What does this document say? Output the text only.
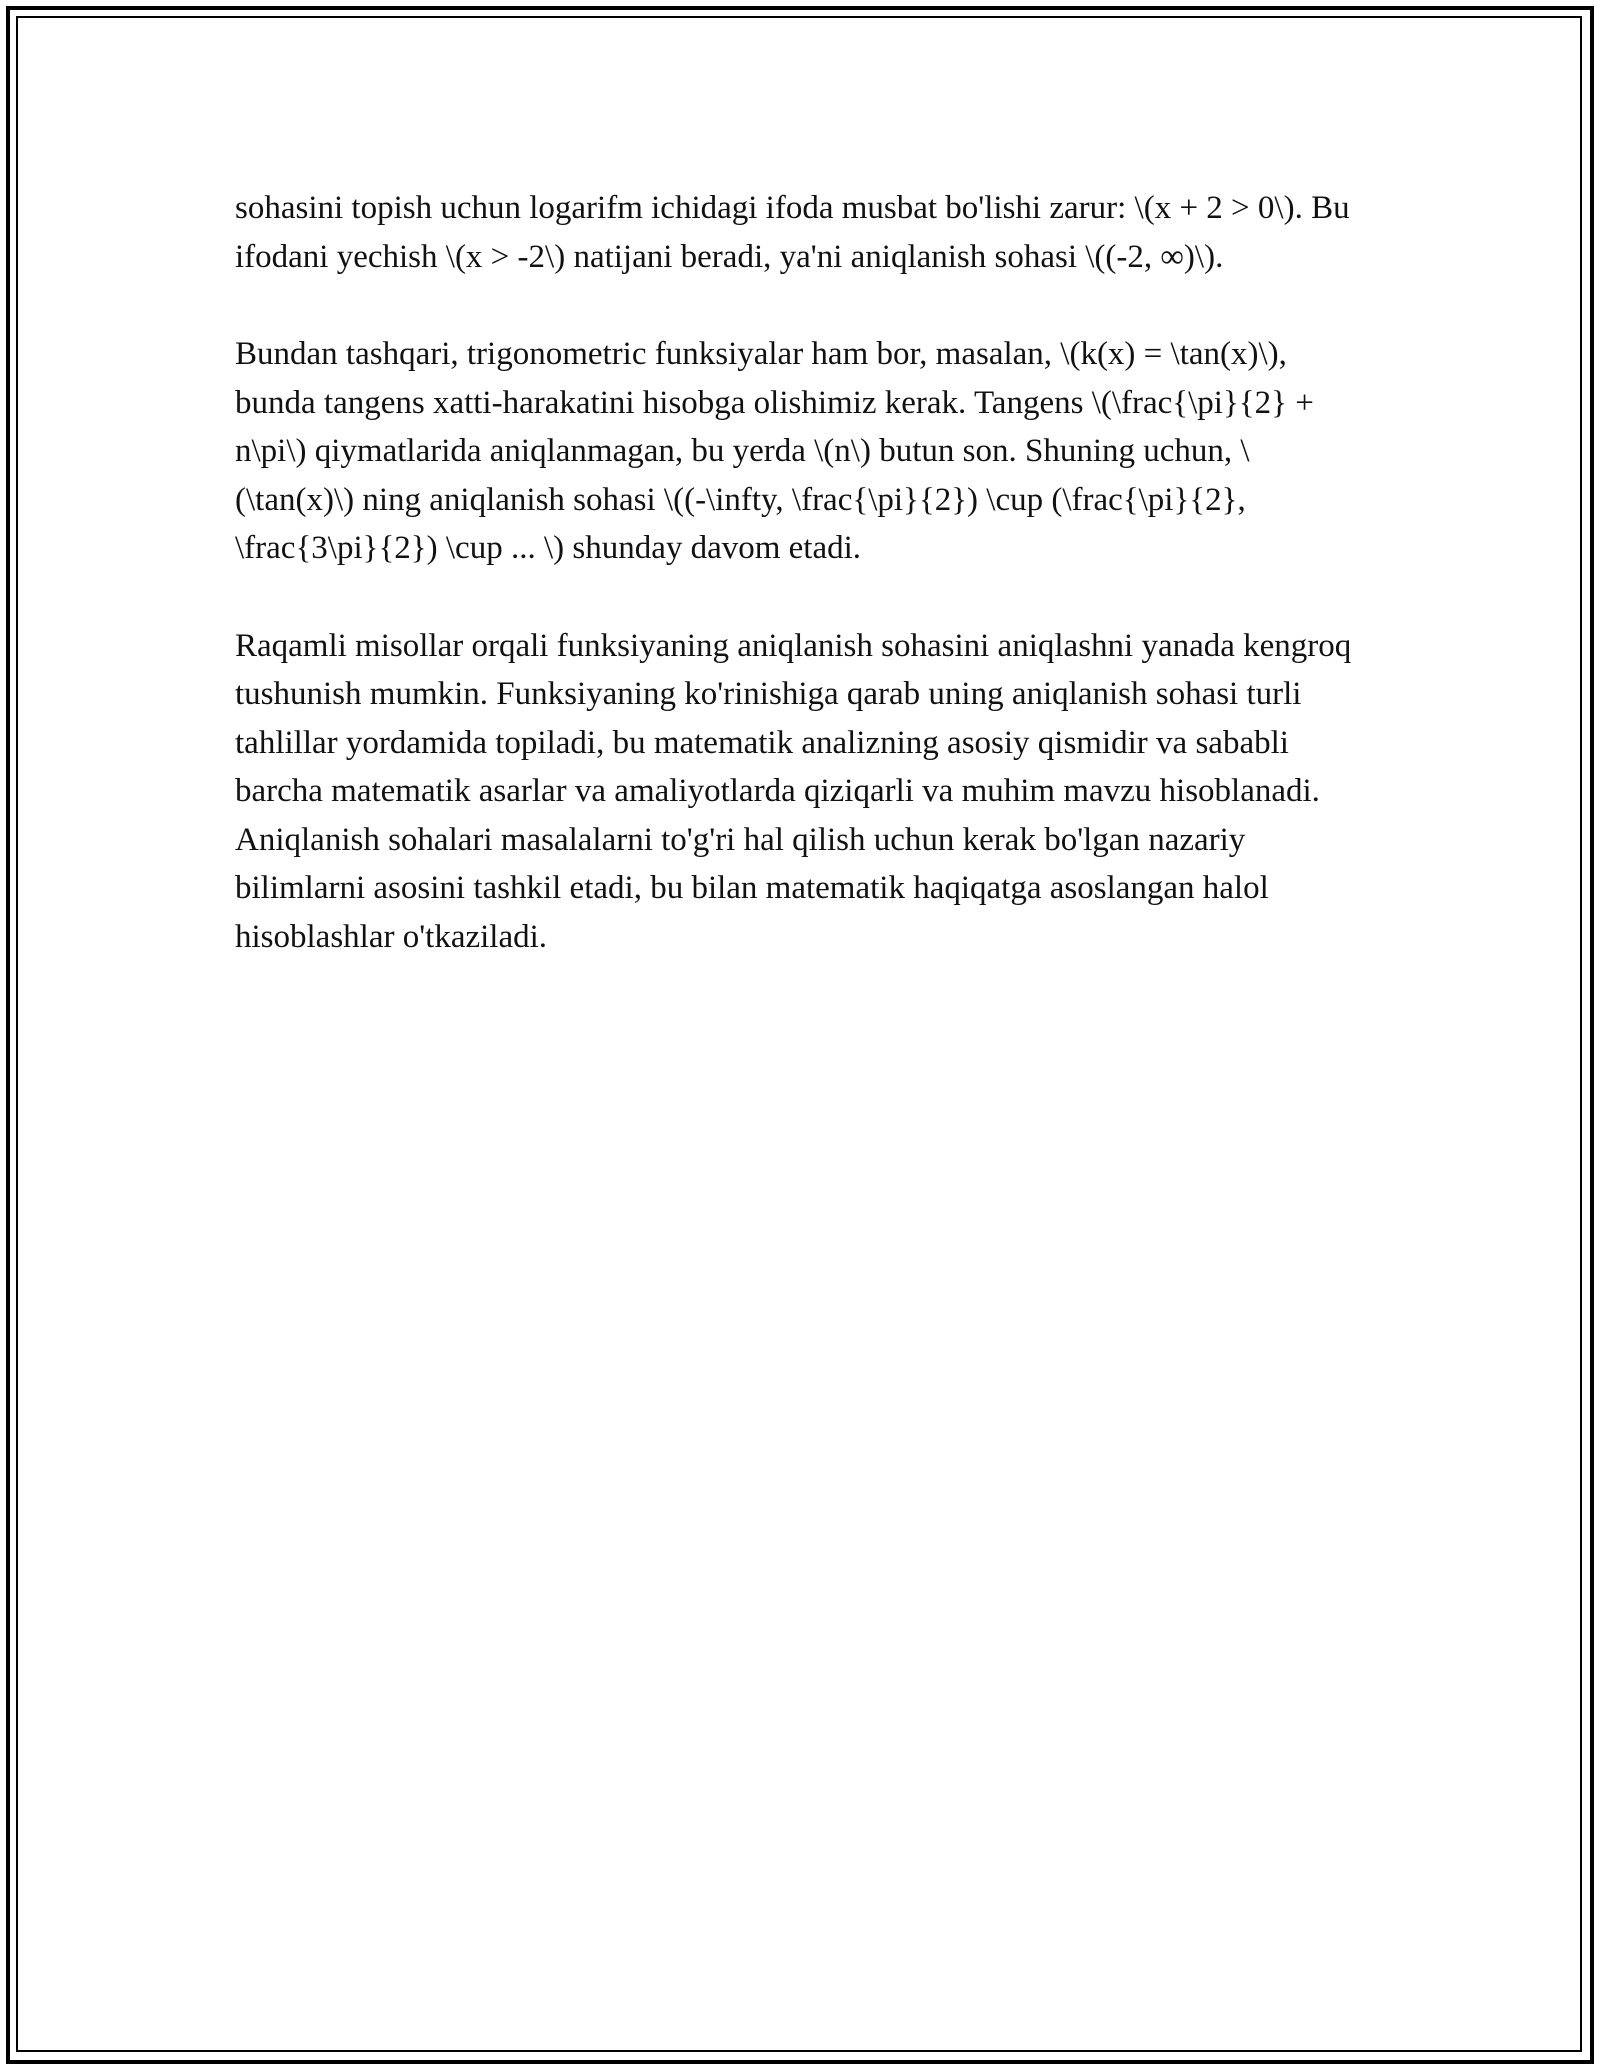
sohasini topish uchun logarifm ichidagi ifoda musbat bo'lishi zarur: \(x + 2 > 0\). Bu ifodani yechish \(x > -2\) natijani beradi, ya'ni aniqlanish sohasi \((-2, ∞)\).

Bundan tashqari, trigonometric funksiyalar ham bor, masalan, \(k(x) = \tan(x)\), bunda tangens xatti-harakatini hisobga olishimiz kerak. Tangens \(\frac{\pi}{2} + n\pi\) qiymatlarida aniqlanmagan, bu yerda \(n\) butun son. Shuning uchun, \(\tan(x)\) ning aniqlanish sohasi \((-\infty, \frac{\pi}{2}) \cup (\frac{\pi}{2}, \frac{3\pi}{2}) \cup ... \) shunday davom etadi.

Raqamli misollar orqali funksiyaning aniqlanish sohasini aniqlashni yanada kengroq tushunish mumkin. Funksiyaning ko'rinishiga qarab uning aniqlanish sohasi turli tahlillar yordamida topiladi, bu matematik analizning asosiy qismidir va sababli barcha matematik asarlar va amaliyotlarda qiziqarli va muhim mavzu hisoblanadi. Aniqlanish sohalari masalalarni to'g'ri hal qilish uchun kerak bo'lgan nazariy bilimlarni asosini tashkil etadi, bu bilan matematik haqiqatga asoslangan halol hisoblashlar o'tkaziladi.
